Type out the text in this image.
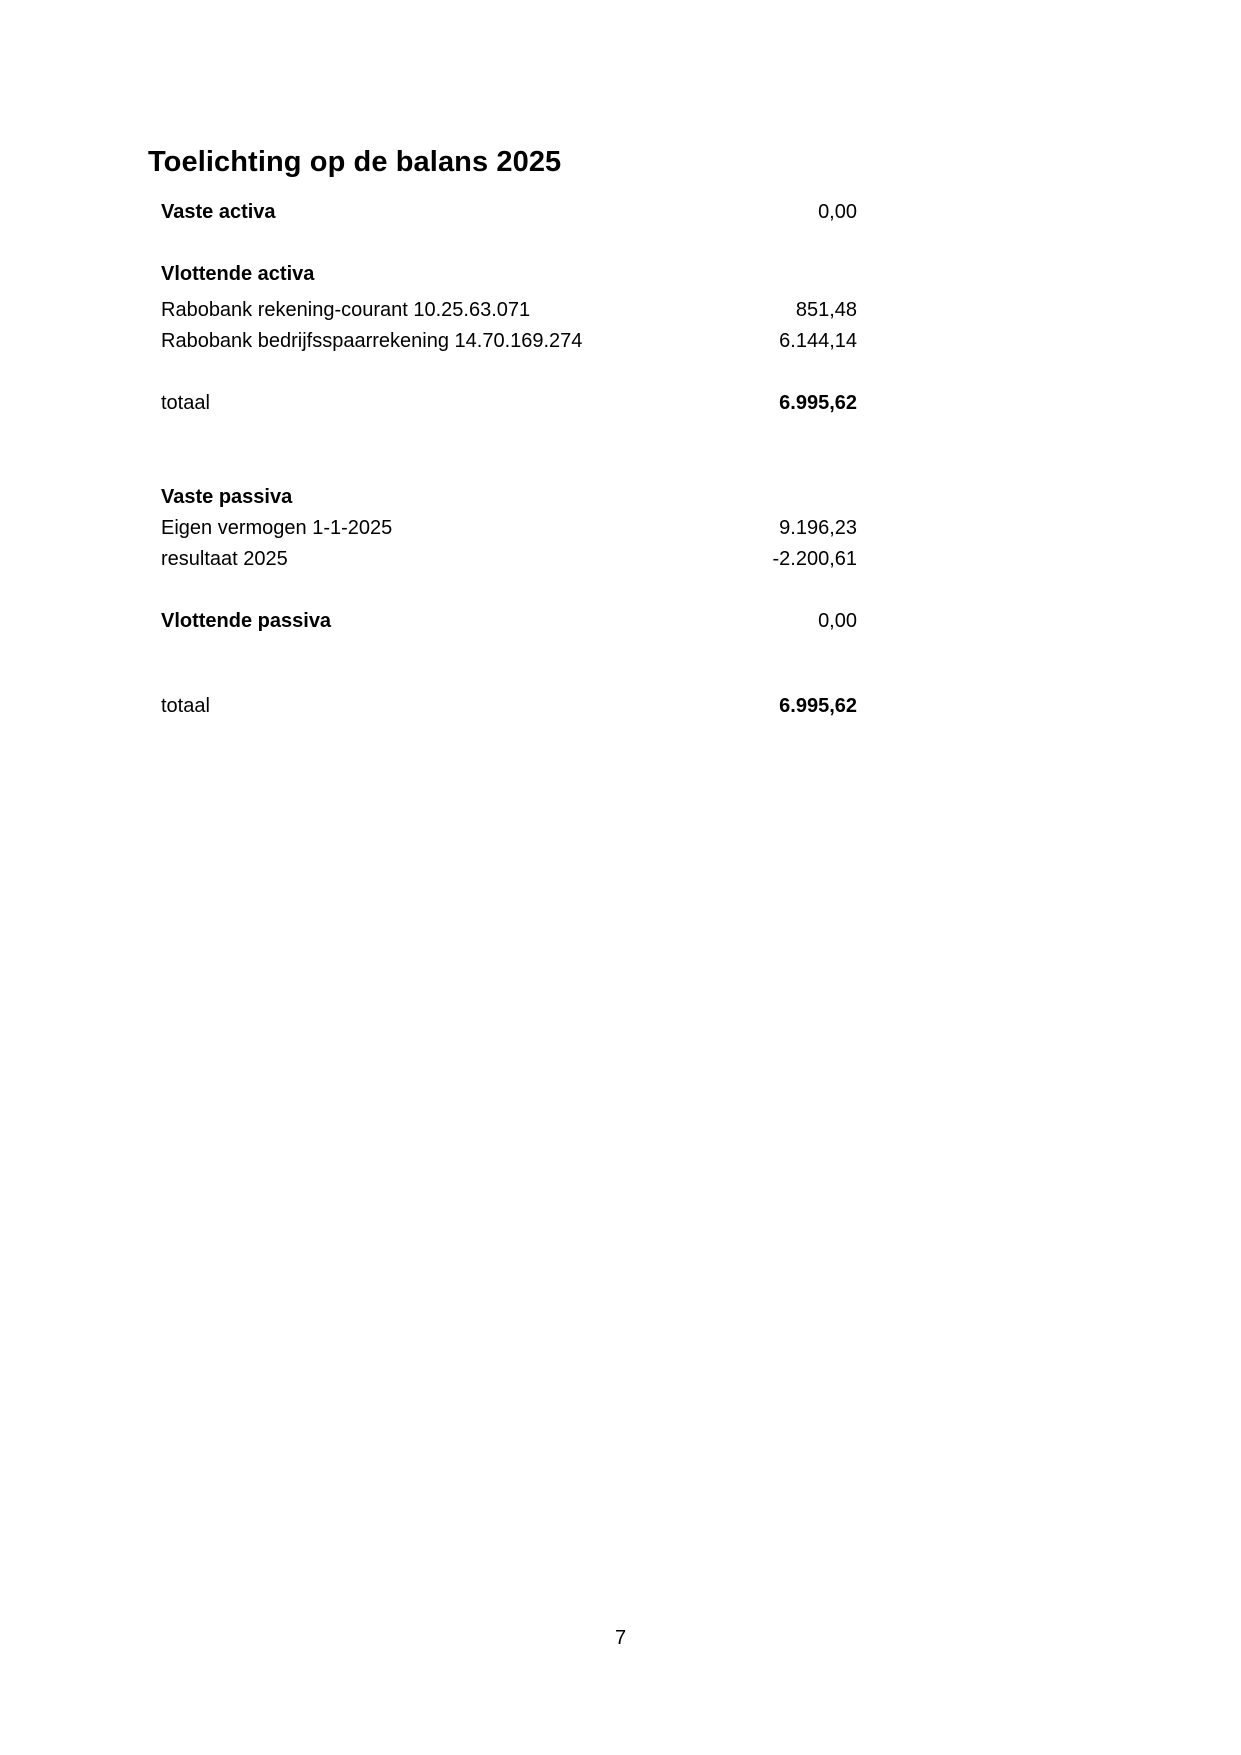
Toelichting op de balans 2025
Vaste activa	0,00
Vlottende activa
Rabobank rekening-courant 10.25.63.071	851,48
Rabobank bedrijfsspaarrekening 14.70.169.274	6.144,14
totaal	6.995,62
Vaste passiva
Eigen vermogen 1-1-2025	9.196,23
resultaat 2025	-2.200,61
Vlottende passiva	0,00
totaal	6.995,62
7
